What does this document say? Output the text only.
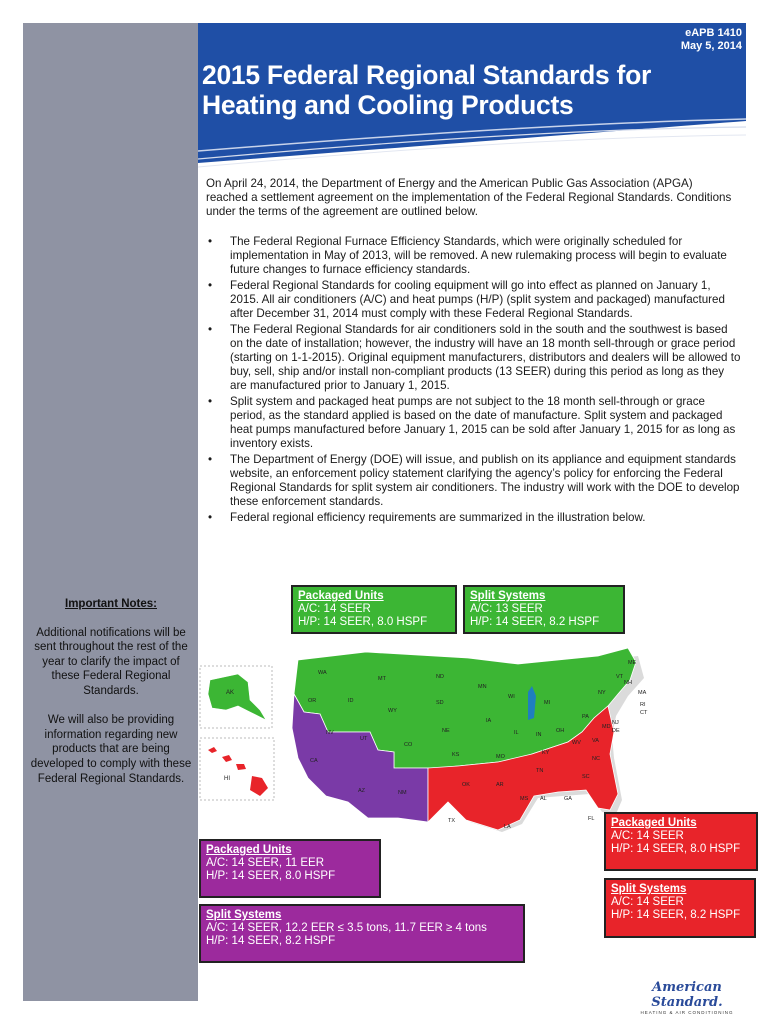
eAPB 1410
May 5, 2014
2015 Federal Regional Standards for Heating and Cooling Products

On April 24, 2014, the Department of Energy and the American Public Gas Association (APGA) reached a settlement agreement on the implementation of the Federal Regional Standards. Conditions under the terms of the agreement are outlined below.

• The Federal Regional Furnace Efficiency Standards, which were originally scheduled for implementation in May of 2013, will be removed. A new rulemaking process will begin to evaluate future changes to furnace efficiency standards.
• Federal Regional Standards for cooling equipment will go into effect as planned on January 1, 2015. All air conditioners (A/C) and heat pumps (H/P) (split system and packaged) manufactured after December 31, 2014 must comply with these Federal Regional Standards.
• The Federal Regional Standards for air conditioners sold in the south and the southwest is based on the date of installation; however, the industry will have an 18 month sell-through or grace period (starting on 1-1-2015). Original equipment manufacturers, distributors and dealers will be allowed to buy, sell, ship and/or install non-compliant products (13 SEER) during this period as long as they are manufactured prior to January 1, 2015.
• Split system and packaged heat pumps are not subject to the 18 month sell-through or grace period, as the standard applied is based on the date of manufacture. Split system and packaged heat pumps manufactured before January 1, 2015 can be sold after January 1, 2015 for as long as inventory exists.
• The Department of Energy (DOE) will issue, and publish on its appliance and equipment standards website, an enforcement policy statement clarifying the agency’s policy for enforcing the Federal Regional Standards for split system air conditioners. The industry will work with the DOE to develop these enforcement standards.
• Federal regional efficiency requirements are summarized in the illustration below.
Important Notes:

Additional notifications will be sent throughout the rest of the year to clarify the impact of these Federal Regional Standards.

We will also be providing information regarding new products that are being developed to comply with these Federal Regional Standards.

AK
HI
WA
OR
CA
NV
ID
MT
WY
UT
AZ
CO
NM
ND
SD
NE
KS
OK
TX
MN
IA
MO
AR
LA
WI
IL
MI
IN
OH
KY
TN
MS AL	GA
FL
SC
NC
VA
WV
PA
NY
ME
VT
NH
MA
RI
CT
NJ
DE
MD
Packaged Units
A/C: 14 SEER
H/P: 14 SEER, 8.0 HSPF
Split Systems
A/C: 13 SEER
H/P: 14 SEER, 8.2 HSPF
Packaged Units
A/C: 14 SEER, 11 EER
H/P: 14 SEER, 8.0 HSPF
Split Systems
A/C: 14 SEER, 12.2 EER ≤ 3.5 tons, 11.7 EER ≥ 4 tons
H/P: 14 SEER, 8.2 HSPF
Packaged Units
A/C: 14 SEER
H/P: 14 SEER, 8.0 HSPF
Split Systems
A/C: 14 SEER
H/P: 14 SEER, 8.2 HSPF
American Standard.
HEATING & AIR CONDITIONING
